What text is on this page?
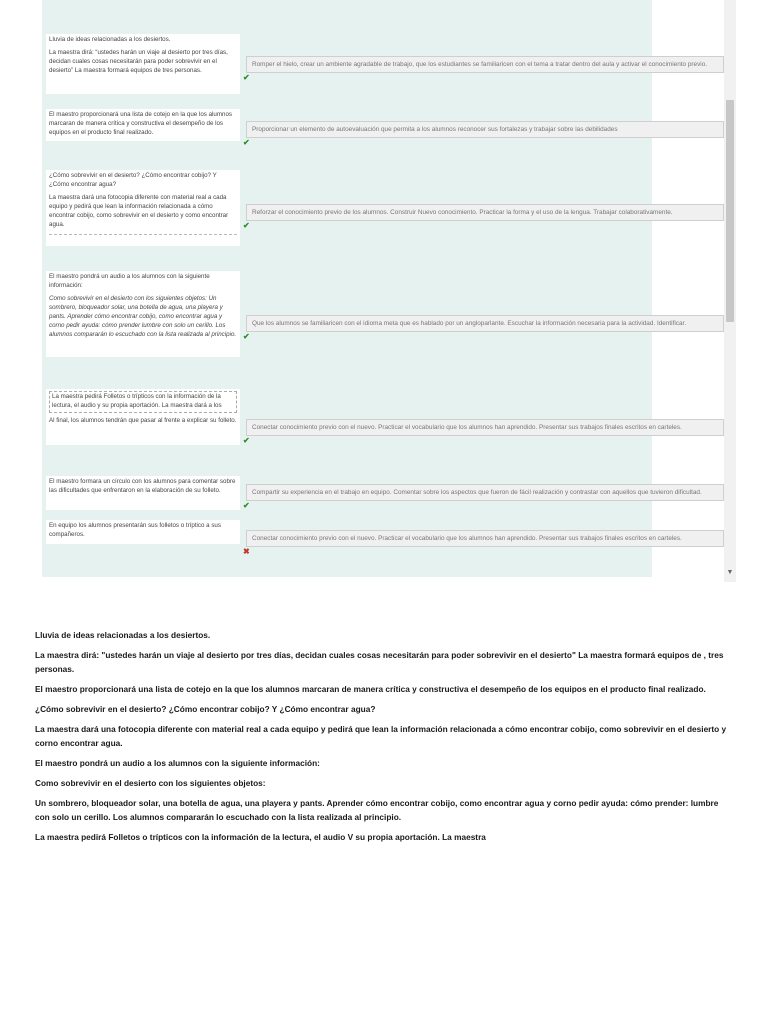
Lluvia de ideas relacionadas a los desiertos.

La maestra dirá: “ustedes harán un viaje al desierto por tres días, decidan cuales cosas necesitarán para poder sobrevivir en el desierto” La maestra formará equipos de tres personas.

Romper el hielo, crear un ambiente agradable de trabajo, que los estudiantes se familiaricen con el tema a tratar dentro del aula y activar el conocimiento previo.
✔

El maestro proporcionará una lista de cotejo en la que los alumnos marcaran de manera crítica y constructiva el desempeño de los equipos en el producto final realizado.	Proporcionar un elemento de autoevaluación que permita a los alumnos reconocer sus fortalezas y trabajar sobre las debilidades
✔

¿Cómo sobrevivir en el desierto? ¿Cómo encontrar cobijo? Y ¿Cómo encontrar agua?

La maestra dará una fotocopia diferente con material real a cada equipo y pedirá que lean la información relacionada a cómo encontrar cobijo, como sobrevivir en el desierto y como encontrar agua.

Reforzar el conocimiento previo de los alumnos. Construir Nuevo conocimiento. Practicar la forma y el uso de la lengua. Trabajar colaborativamente.
✔

El maestro pondrá un audio a los alumnos con la siguiente información:

Como sobrevivir en el desierto con los siguientes objetos: Un sombrero, bloqueador solar, una botella de agua, una playera y pants. Aprender cómo encontrar cobijo, como encontrar agua y corno pedir ayuda: cómo prender lumbre con solo un cerillo. Los alumnos compararán lo escuchado con la lista realizada al principio.

Que los alumnos se familiaricen con el idioma meta que es hablado por un angloparlante. Escuchar la información necesaria para la actividad. Identificar.
✔

La maestra pedirá Folletos o trípticos con la información de la lectura, el audio y su propia aportación. La maestra dará a los

Al final, los alumnos tendrán que pasar al frente a explicar su folleto.

Conectar conocimiento previo con el nuevo. Practicar el vocabulario que los alumnos han aprendido. Presentar sus trabajos finales escritos en carteles.
✔

El maestro formara un círculo con los alumnos para comentar sobre las dificultades que enfrentaron en la elaboración de su folleto.	Compartir su experiencia en el trabajo en equipo. Comentar sobre los aspectos que fueron de fácil realización y contrastar con aquellos que tuvieron dificultad.
✔

En equipo los alumnos presentarán sus folletos o tríptico a sus compañeros.

Conectar conocimiento previo con el nuevo. Practicar el vocabulario que los alumnos han aprendido. Presentar sus trabajos finales escritos en carteles.
✖
▼

Lluvia de ideas relacionadas a los desiertos.

La maestra dirá: "ustedes harán un viaje al desierto por tres días, decidan cuales cosas necesitarán para poder sobrevivir en el desierto" La maestra formará equipos de , tres personas.

El maestro proporcionará una lista de cotejo en la que los alumnos marcaran de manera crítica y constructiva el desempeño de los equipos en el producto final realizado.

¿Cómo sobrevivir en el desierto? ¿Cómo encontrar cobijo? Y ¿Cómo encontrar agua?

La maestra dará una fotocopia diferente con material real a cada equipo y pedirá que lean la información relacionada a cómo encontrar cobijo, como sobrevivir en el desierto y corno encontrar agua.

El maestro pondrá un audio a los alumnos con la siguiente información:

Como sobrevivir en el desierto con los siguientes objetos:

Un sombrero, bloqueador solar, una botella de agua, una playera y pants. Aprender cómo encontrar cobijo, como encontrar agua y corno pedir ayuda: cómo prender: lumbre con solo un cerillo. Los alumnos compararán lo escuchado con la lista realizada al principio.

La maestra pedirá Folletos o trípticos con la información de la lectura, el audio V su propia aportación. La maestra
